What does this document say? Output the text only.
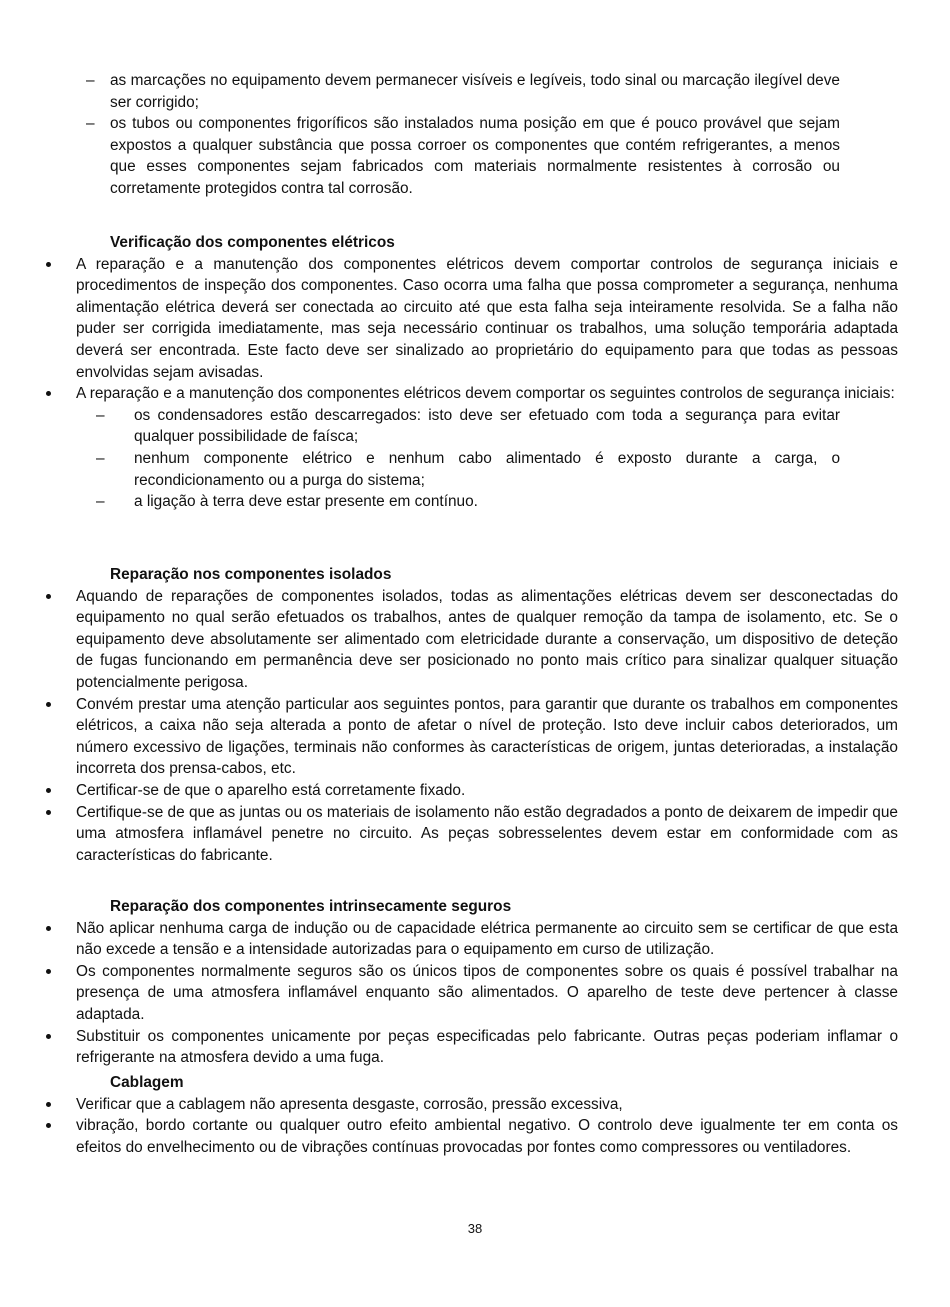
– as marcações no equipamento devem permanecer visíveis e legíveis, todo sinal ou marcação ilegível deve ser corrigido;
– os tubos ou componentes frigoríficos são instalados numa posição em que é pouco provável que sejam expostos a qualquer substância que possa corroer os componentes que contém refrigerantes, a menos que esses componentes sejam fabricados com materiais normalmente resistentes à corrosão ou corretamente protegidos contra tal corrosão.

Verificação dos componentes elétricos

A reparação e a manutenção dos componentes elétricos devem comportar controlos de segurança iniciais e procedimentos de inspeção dos componentes. Caso ocorra uma falha que possa comprometer a segurança, nenhuma alimentação elétrica deverá ser conectada ao circuito até que esta falha seja inteiramente resolvida. Se a falha não puder ser corrigida imediatamente, mas seja necessário continuar os trabalhos, uma solução temporária adaptada deverá ser encontrada. Este facto deve ser sinalizado ao proprietário do equipamento para que todas as pessoas envolvidas sejam avisadas.
A reparação e a manutenção dos componentes elétricos devem comportar os seguintes controlos de segurança iniciais:
– os condensadores estão descarregados: isto deve ser efetuado com toda a segurança para evitar qualquer possibilidade de faísca;
– nenhum componente elétrico e nenhum cabo alimentado é exposto durante a carga, o recondicionamento ou a purga do sistema;
– a ligação à terra deve estar presente em contínuo.

Reparação nos componentes isolados

Aquando de reparações de componentes isolados, todas as alimentações elétricas devem ser desconectadas do equipamento no qual serão efetuados os trabalhos, antes de qualquer remoção da tampa de isolamento, etc. Se o equipamento deve absolutamente ser alimentado com eletricidade durante a conservação, um dispositivo de deteção de fugas funcionando em permanência deve ser posicionado no ponto mais crítico para sinalizar qualquer situação potencialmente perigosa.
Convém prestar uma atenção particular aos seguintes pontos, para garantir que durante os trabalhos em componentes elétricos, a caixa não seja alterada a ponto de afetar o nível de proteção. Isto deve incluir cabos deteriorados, um número excessivo de ligações, terminais não conformes às características de origem, juntas deterioradas, a instalação incorreta dos prensa-cabos, etc.
Certificar-se de que o aparelho está corretamente fixado.
Certifique-se de que as juntas ou os materiais de isolamento não estão degradados a ponto de deixarem de impedir que uma atmosfera inflamável penetre no circuito. As peças sobresselentes devem estar em conformidade com as características do fabricante.

Reparação dos componentes intrinsecamente seguros

Não aplicar nenhuma carga de indução ou de capacidade elétrica permanente ao circuito sem se certificar de que esta não excede a tensão e a intensidade autorizadas para o equipamento em curso de utilização.
Os componentes normalmente seguros são os únicos tipos de componentes sobre os quais é possível trabalhar na presença de uma atmosfera inflamável enquanto são alimentados. O aparelho de teste deve pertencer à classe adaptada.
Substituir os componentes unicamente por peças especificadas pelo fabricante. Outras peças poderiam inflamar o refrigerante na atmosfera devido a uma fuga.

Cablagem

Verificar que a cablagem não apresenta desgaste, corrosão, pressão excessiva,
vibração, bordo cortante ou qualquer outro efeito ambiental negativo. O controlo deve igualmente ter em conta os efeitos do envelhecimento ou de vibrações contínuas provocadas por fontes como compressores ou ventiladores.
38
